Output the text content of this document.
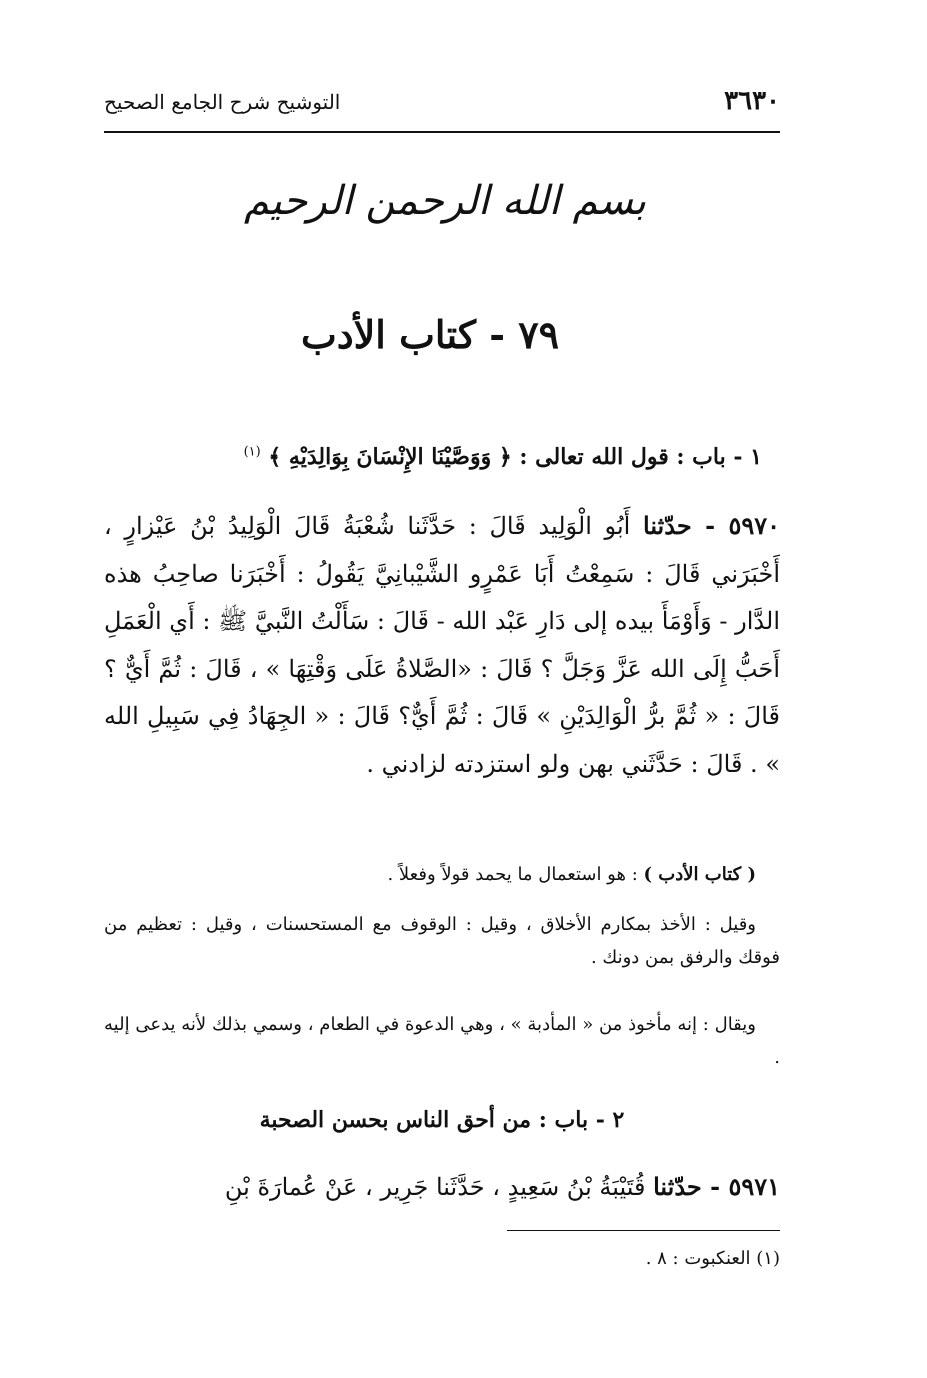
٣٦٣٠
التوشيح شرح الجامع الصحيح
بسم الله الرحمن الرحيم
٧٩ - كتاب الأدب
١ - باب : قول الله تعالى : ﴿ وَوَصَّيْنَا الإِنْسَانَ بِوَالِدَيْهِ ﴾ $^{(١)}$
٥٩٧٠ - حدّثنا أَبُو الْوَلِيد قَالَ : حَدَّثَنا شُعْبَةُ قَالَ الْوَلِيدُ بْنُ عَيْزارٍ ، أَخْبَرَني قَالَ : سَمِعْتُ أَبَا عَمْرٍو الشَّيْبانِيَّ يَقُولُ : أَخْبَرَنا صاحِبُ هذه الدَّار - وَأَوْمَأَ بيده إلى دَارِ عَبْد الله - قَالَ : سَأَلْتُ النَّبيَّ ﷺ : أَي الْعَمَلِ أَحَبُّ إِلَى الله عَزَّ وَجَلَّ ؟ قَالَ : «الصَّلاةُ عَلَى وَقْتِهَا » ، قَالَ : ثُمَّ أَيٌّ ؟ قَالَ : « ثُمَّ برُّ الْوَالِدَيْنِ » قَالَ : ثُمَّ أَيٌّ؟ قَالَ : « الجِهَادُ فِي سَبِيلِ الله » . قَالَ : حَدَّثَني بهن ولو استزدته لزادني .
( كتاب الأدب ) : هو استعمال ما يحمد قولاً وفعلاً .
وقيل : الأخذ بمكارم الأخلاق ، وقيل : الوقوف مع المستحسنات ، وقيل : تعظيم من فوقك والرفق بمن دونك .
ويقال : إنه مأخوذ من « المأدبة » ، وهي الدعوة في الطعام ، وسمي بذلك لأنه يدعى إليه .
٢ - باب : من أحق الناس بحسن الصحبة
٥٩٧١ - حدّثنا قُتَيْبَةُ بْنُ سَعِيدٍ ، حَدَّثَنا جَرِير ، عَنْ عُمارَةَ بْنِ
(١) العنكبوت : ٨ .
